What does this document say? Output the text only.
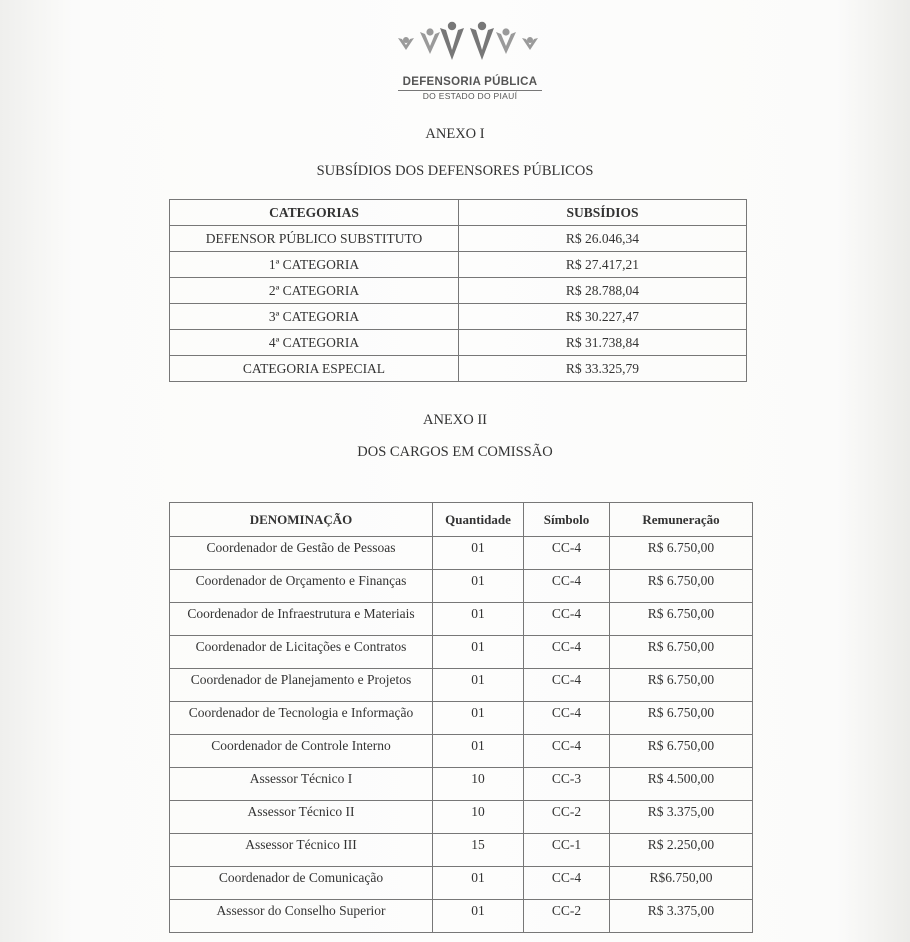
DEFENSORIA PÚBLICA
DO ESTADO DO PIAUÍ
ANEXO I
SUBSÍDIOS DOS DEFENSORES PÚBLICOS
CATEGORIAS	SUBSÍDIOS
DEFENSOR PÚBLICO SUBSTITUTO	R$ 26.046,34
1ª CATEGORIA	R$ 27.417,21
2ª CATEGORIA	R$ 28.788,04
3ª CATEGORIA	R$ 30.227,47
4ª CATEGORIA	R$ 31.738,84
CATEGORIA ESPECIAL	R$ 33.325,79
ANEXO II
DOS CARGOS EM COMISSÃO
DENOMINAÇÃO	Quantidade	Símbolo	Remuneração
Coordenador de Gestão de Pessoas	01	CC-4	R$ 6.750,00
Coordenador de Orçamento e Finanças	01	CC-4	R$ 6.750,00
Coordenador de Infraestrutura e Materiais	01	CC-4	R$ 6.750,00
Coordenador de Licitações e Contratos	01	CC-4	R$ 6.750,00
Coordenador de Planejamento e Projetos	01	CC-4	R$ 6.750,00
Coordenador de Tecnologia e Informação	01	CC-4	R$ 6.750,00
Coordenador de Controle Interno	01	CC-4	R$ 6.750,00
Assessor Técnico I	10	CC-3	R$ 4.500,00
Assessor Técnico II	10	CC-2	R$ 3.375,00
Assessor Técnico III	15	CC-1	R$ 2.250,00
Coordenador de Comunicação	01	CC-4	R$6.750,00
Assessor do Conselho Superior	01	CC-2	R$ 3.375,00
